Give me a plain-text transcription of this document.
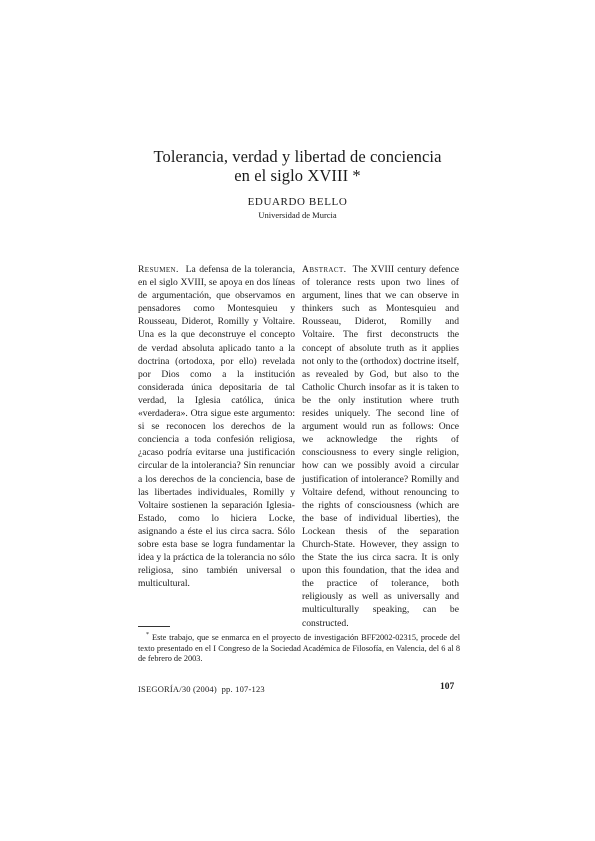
Tolerancia, verdad y libertad de conciencia
en el siglo XVIII *
EDUARDO BELLO
Universidad de Murcia

Resumen. La defensa de la tolerancia, en el siglo XVIII, se apoya en dos líneas de argumentación, que observamos en pensadores como Montesquieu y Rousseau, Diderot, Romilly y Voltaire. Una es la que deconstruye el concepto de verdad absoluta aplicado tanto a la doctrina (ortodoxa, por ello) revelada por Dios como a la institución considerada única depositaria de tal verdad, la Iglesia católica, única «verdadera». Otra sigue este argumento: si se reconocen los derechos de la conciencia a toda confesión religiosa, ¿acaso podría evitarse una justificación circular de la intolerancia? Sin renunciar a los derechos de la conciencia, base de las libertades individuales, Romilly y Voltaire sostienen la separación Iglesia-Estado, como lo hiciera Locke, asignando a éste el ius circa sacra. Sólo sobre esta base se logra fundamentar la idea y la práctica de la tolerancia no sólo religiosa, sino también universal o multicultural.

Abstract. The XVIII century defence of tolerance rests upon two lines of argument, lines that we can observe in thinkers such as Montesquieu and Rousseau, Diderot, Romilly and Voltaire. The first deconstructs the concept of absolute truth as it applies not only to the (orthodox) doctrine itself, as revealed by God, but also to the Catholic Church insofar as it is taken to be the only institution where truth resides uniquely. The second line of argument would run as follows: Once we acknowledge the rights of consciousness to every single religion, how can we possibly avoid a circular justification of intolerance? Romilly and Voltaire defend, without renouncing to the rights of consciousness (which are the base of individual liberties), the Lockean thesis of the separation Church-State. However, they assign to the State the ius circa sacra. It is only upon this foundation, that the idea and the practice of tolerance, both religiously as well as universally and multiculturally speaking, can be constructed.

* Este trabajo, que se enmarca en el proyecto de investigación BFF2002-02315, procede del texto presentado en el I Congreso de la Sociedad Académica de Filosofía, en Valencia, del 6 al 8 de febrero de 2003.
ISEGORÍA/30 (2004) pp. 107-123	107
